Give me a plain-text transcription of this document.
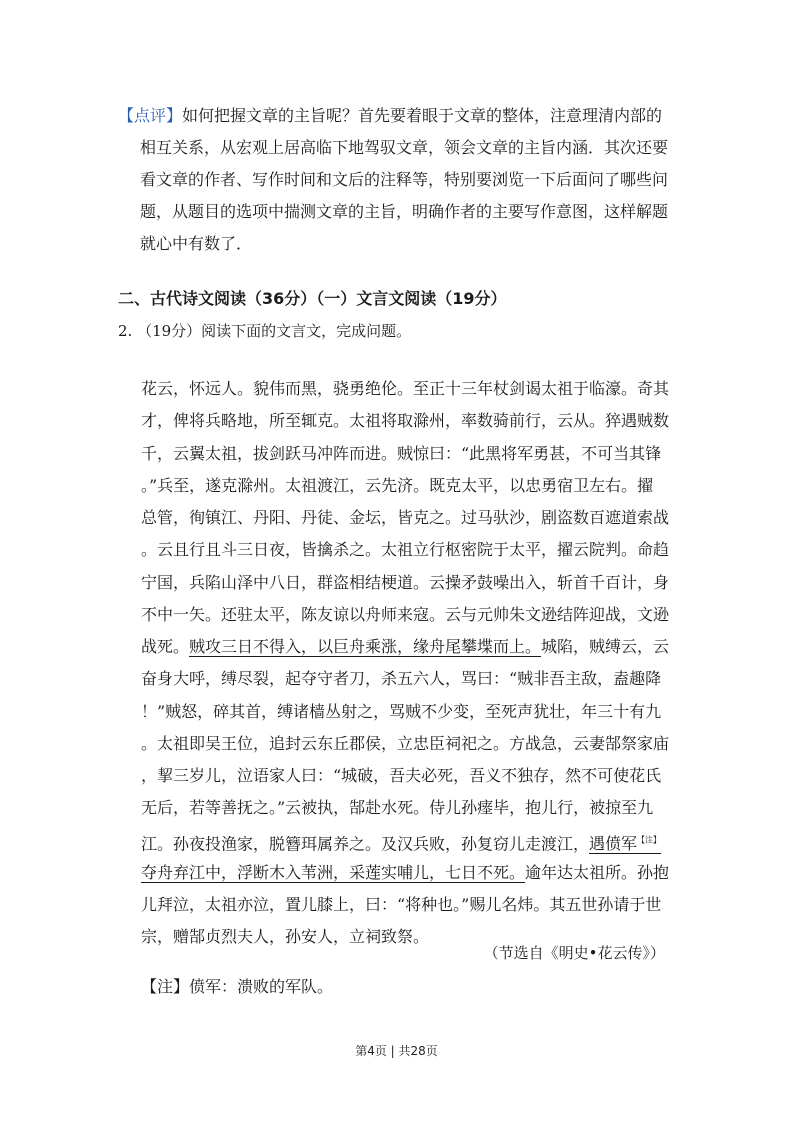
【点评】如何把握文章的主旨呢？首先要着眼于文章的整体，注意理清内部的
相互关系，从宏观上居高临下地驾驭文章，领会文章的主旨内涵．其次还要
看文章的作者、写作时间和文后的注释等，特别要浏览一下后面问了哪些问
题，从题目的选项中揣测文章的主旨，明确作者的主要写作意图，这样解题
就心中有数了．
二、古代诗文阅读（36分）（一）文言文阅读（19分）
2. （19分）阅读下面的文言文，完成问题。
花云，怀远人。貌伟而黑，骁勇绝伦。至正十三年杖剑谒太祖于临濠。奇其
才，俾将兵略地，所至辄克。太祖将取滁州，率数骑前行，云从。猝遇贼数
千，云翼太祖，拔剑跃马冲阵而进。贼惊曰：“此黑将军勇甚，不可当其锋
。”兵至，遂克滁州。太祖渡江，云先济。既克太平，以忠勇宿卫左右。擢
总管，徇镇江、丹阳、丹徒、金坛，皆克之。过马驮沙，剧盗数百遮道索战
。云且行且斗三日夜，皆擒杀之。太祖立行枢密院于太平，擢云院判。命趋
宁国，兵陷山泽中八日，群盗相结梗道。云操矛鼓噪出入，斩首千百计，身
不中一矢。还驻太平，陈友谅以舟师来寇。云与元帅朱文逊结阵迎战，文逊
战死。贼攻三日不得入，以巨舟乘涨，缘舟尾攀堞而上。城陷，贼缚云，云
奋身大呼，缚尽裂，起夺守者刀，杀五六人，骂曰：“贼非吾主敌，盍趣降
！”贼怒，碎其首，缚诸樯丛射之，骂贼不少变，至死声犹壮，年三十有九
。太祖即吴王位，追封云东丘郡侯，立忠臣祠祀之。方战急，云妻郜祭家庙
，挈三岁儿，泣语家人曰：“城破，吾夫必死，吾义不独存，然不可使花氏
无后，若等善抚之。”云被执，郜赴水死。侍儿孙瘗毕，抱儿行，被掠至九
江。孙夜投渔家，脱簪珥属养之。及汉兵败，孙复窃儿走渡江，遇偾军$^{【注】}$
夺舟弃江中，浮断木入苇洲，采莲实哺儿，七日不死。逾年达太祖所。孙抱
儿拜泣，太祖亦泣，置儿膝上，曰：“将种也。”赐儿名炜。其五世孙请于世
宗，赠郜贞烈夫人，孙安人，立祠致祭。
（节选自《明史•花云传》）
【注】偾军：溃败的军队。
第4页 | 共28页
